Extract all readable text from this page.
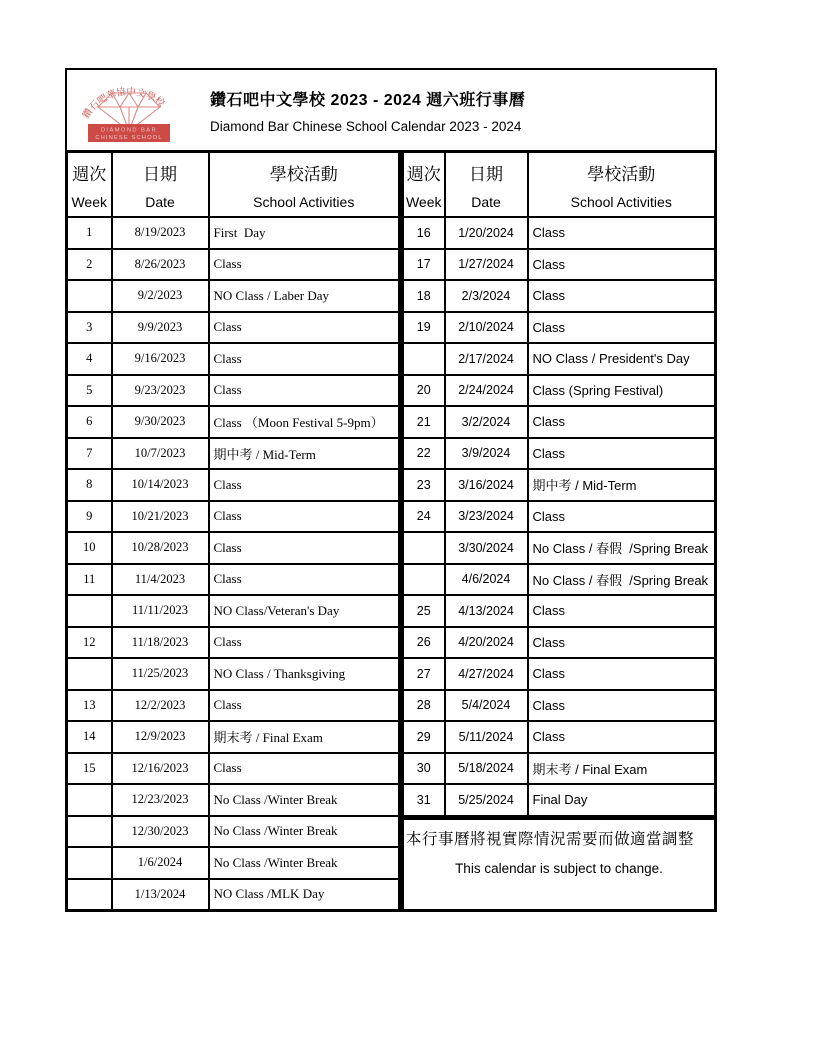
鑽石吧華協中文學校
DIAMOND BAR
CHINESE SCHOOL
鑽石吧中文學校 2023 - 2024 週六班行事曆
Diamond Bar Chinese School Calendar 2023 - 2024
週次
Week

日期
Date

學校活動
School Activities

1	8/19/2023	First  Day
2	8/26/2023	Class
	9/2/2023	NO Class / Laber Day
3	9/9/2023	Class
4	9/16/2023	Class
5	9/23/2023	Class
6	9/30/2023	Class （Moon Festival 5-9pm）
7	10/7/2023	期中考 / Mid-Term
8	10/14/2023	Class
9	10/21/2023	Class
10	10/28/2023	Class
11	11/4/2023	Class
	11/11/2023	NO Class/Veteran's Day
12	11/18/2023	Class
	11/25/2023	NO Class / Thanksgiving
13	12/2/2023	Class
14	12/9/2023	期末考 / Final Exam
15	12/16/2023	Class
	12/23/2023	No Class /Winter Break
	12/30/2023	No Class /Winter Break
	1/6/2024	No Class /Winter Break
	1/13/2024	NO Class /MLK Day
週次
Week

日期
Date

學校活動
School Activities

16	1/20/2024	Class
17	1/27/2024	Class
18	2/3/2024	Class
19	2/10/2024	Class
	2/17/2024	NO Class / President's Day
20	2/24/2024	Class (Spring Festival)
21	3/2/2024	Class
22	3/9/2024	Class
23	3/16/2024	期中考 / Mid-Term
24	3/23/2024	Class
	3/30/2024	No Class / 春假  /Spring Break
	4/6/2024	No Class / 春假  /Spring Break
25	4/13/2024	Class
26	4/20/2024	Class
27	4/27/2024	Class
28	5/4/2024	Class
29	5/11/2024	Class
30	5/18/2024	期末考 / Final Exam
31	5/25/2024	Final Day
本行事曆將視實際情況需要而做適當調整
This calendar is subject to change.
